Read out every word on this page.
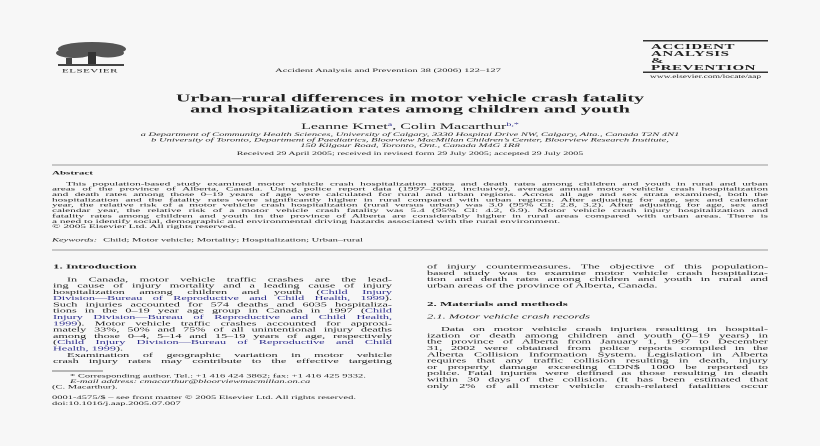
ELSEVIER	Accident Analysis and Prevention 38 (2006) 122–127
ACCIDENT
ANALYSIS
&
PREVENTION
www.elsevier.com/locate/aap
Urban–rural differences in motor vehicle crash fatality
and hospitalization rates among children and youth
Leanne Kmet$^a$, Colin Macarthur$^{b,*}$
a Department of Community Health Sciences, University of Calgary, 3330 Hospital Drive NW, Calgary, Alta., Canada T2N 4N1
b University of Toronto, Department of Paediatrics, Bloorview MacMillan Children’s Center, Bloorview Research Institute,
150 Kilgour Road, Toronto, Ont., Canada M4G 1R8
Received 29 April 2005; received in revised form 29 July 2005; accepted 29 July 2005
Abstract
This population-based study examined motor vehicle crash hospitalization rates and death rates among children and youth in rural and urban
areas of the province of Alberta, Canada. Using police report data (1997–2002, inclusive), average annual motor vehicle crash hospitalization
and death rates among those 0–19 years of age were calculated for rural and urban regions. Across all age and sex strata examined, both the
hospitalization and the fatality rates were significantly higher in rural compared with urban regions. After adjusting for age, sex and calendar
year, the relative risk of a motor vehicle crash hospitalization (rural versus urban) was 3.0 (95% CI: 2.8, 3.2). After adjusting for age, sex and
calendar year, the relative risk of a motor vehicle crash fatality was 5.4 (95% CI: 4.2, 6.9). Motor vehicle crash injury hospitalization and
fatality rates among children and youth in the province of Alberta are considerably higher in rural areas compared with urban areas. There is
a need to identify social, demographic and environmental driving hazards associated with the rural environment.
© 2005 Elsevier Ltd. All rights reserved.
Keywords: Child; Motor vehicle; Mortality; Hospitalization; Urban–rural
1. Introduction
In Canada, motor vehicle traffic crashes are the lead-
ing cause of injury mortality and a leading cause of injury
hospitalization among children and youth (Child Injury
Division—Bureau of Reproductive and Child Health, 1999).
Such injuries accounted for 574 deaths and 6035 hospitaliza-
tions in the 0–19 year age group in Canada in 1997 (Child
Injury Division—Bureau of Reproductive and Child Health,
1999). Motor vehicle traffic crashes accounted for approxi-
mately 33%, 50% and 75% of all unintentional injury deaths
among those 0–4, 5–14 and 15–19 years of age, respectively
(Child Injury Division—Bureau of Reproductive and Child
Health, 1999).
Examination of geographic variation in motor vehicle
crash injury rates may contribute to the effective targeting
* Corresponding author. Tel.: +1 416 424 3862; fax: +1 416 425 9332.
E-mail address: cmacarthur@bloorviewmacmillan.on.ca
(C. Macarthur).
0001-4575/$ – see front matter © 2005 Elsevier Ltd. All rights reserved.
doi:10.1016/j.aap.2005.07.007
of injury countermeasures. The objective of this population-
based study was to examine motor vehicle crash hospitaliza-
tion and death rates among children and youth in rural and
urban areas of the province of Alberta, Canada.
2. Materials and methods
2.1. Motor vehicle crash records
Data on motor vehicle crash injuries resulting in hospital-
ization or death among children and youth (0–19 years) in
the province of Alberta from January 1, 1997 to December
31, 2002 were obtained from police reports compiled in the
Alberta Collision Information System. Legislation in Alberta
requires that any traffic collision resulting in death, injury
or property damage exceeding CDN$ 1000 be reported to
police. Fatal injuries were defined as those resulting in death
within 30 days of the collision. (It has been estimated that
only 2% of all motor vehicle crash-related fatalities occur
